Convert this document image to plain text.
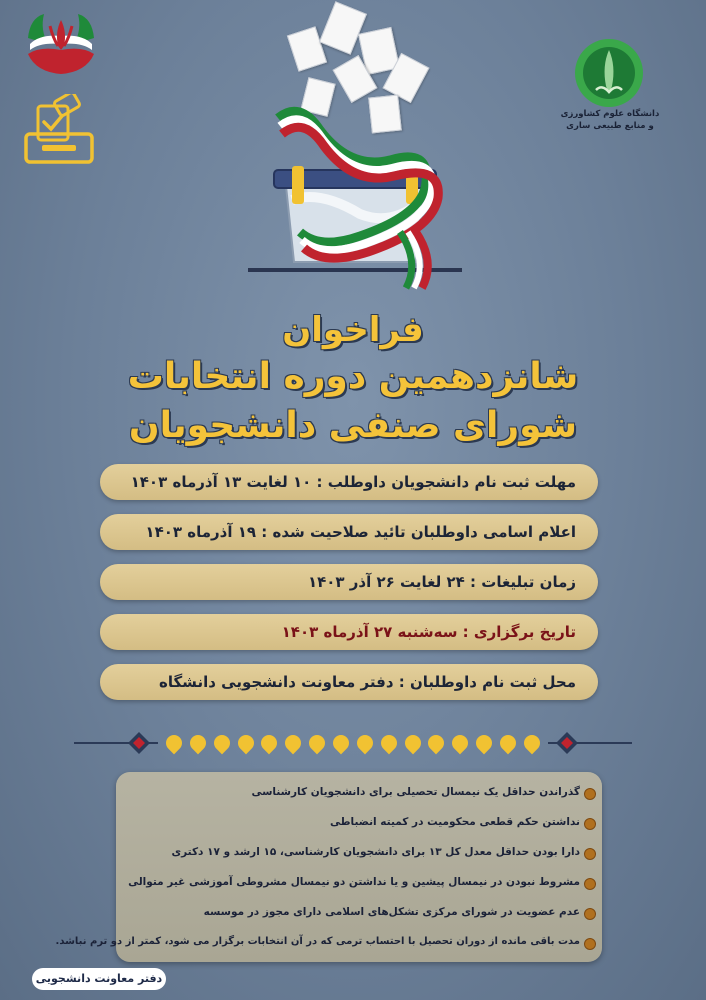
دانشگاه علوم کشاورزی
و منابع طبیعی ساری
فراخوان
شانزدهمین دوره انتخابات
شورای صنفی دانشجویان
مهلت ثبت نام دانشجویان داوطلب : ۱۰ لغایت ۱۳ آذرماه ۱۴۰۳
اعلام اسامی داوطلبان تائید صلاحیت شده : ۱۹ آذرماه ۱۴۰۳
زمان تبلیغات : ۲۴ لغایت ۲۶ آذر ۱۴۰۳
تاریخ برگزاری : سه‌شنبه ۲۷ آذرماه ۱۴۰۳
محل ثبت نام داوطلبان : دفتر معاونت دانشجویی دانشگاه
گذراندن حداقل یک نیمسال تحصیلی برای دانشجویان کارشناسی
نداشتن حکم قطعی محکومیت در کمیته انضباطی
دارا بودن حداقل معدل کل ۱۳ برای دانشجویان کارشناسی، ۱۵ ارشد و ۱۷ دکتری
مشروط نبودن در نیمسال پیشین و یا نداشتن دو نیمسال مشروطی آموزشی غیر متوالی
عدم عضویت در شورای مرکزی تشکل‌های اسلامی دارای مجوز در موسسه
مدت باقی مانده از دوران تحصیل با احتساب ترمی که در آن انتخابات برگزار می شود، کمتر از دو ترم نباشد.
دفتر معاونت دانشجویی
